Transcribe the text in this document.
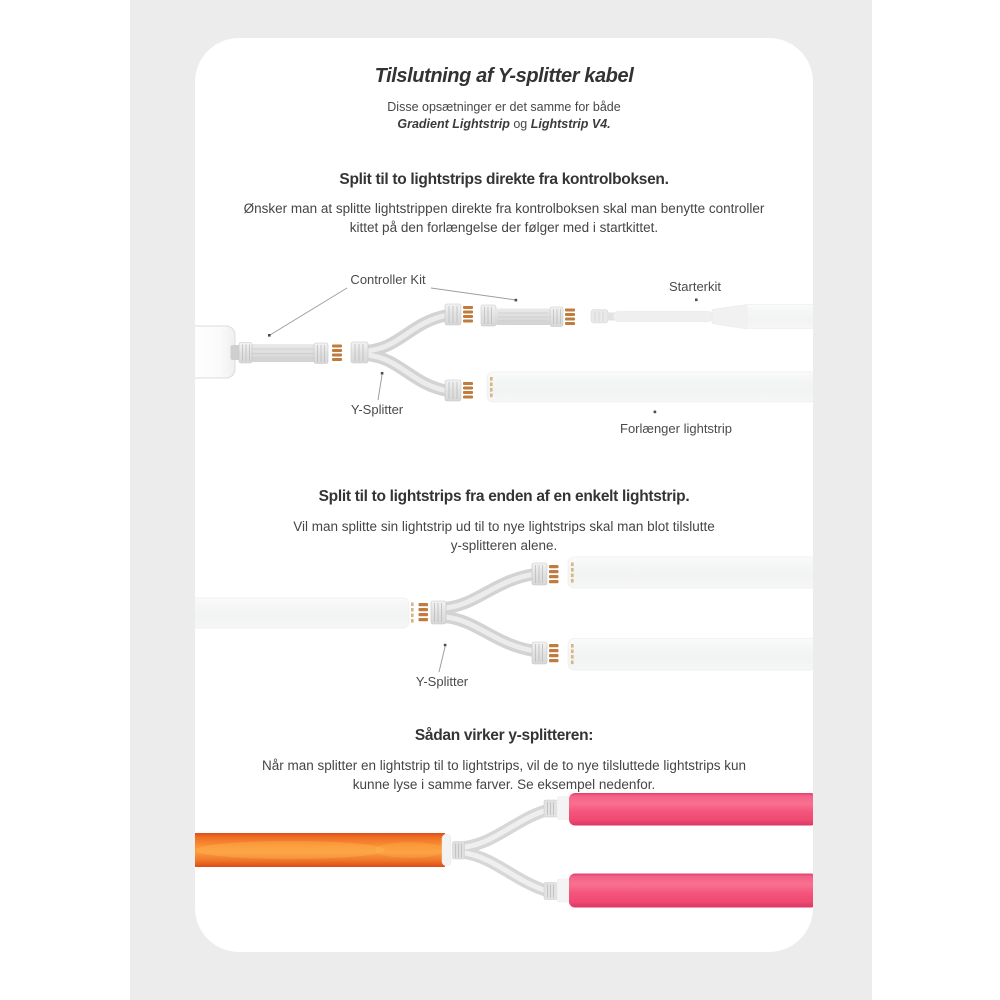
Tilslutning af Y-splitter kabel
Disse opsætninger er det samme for både
Gradient Lightstrip og Lightstrip V4.
Split til to lightstrips direkte fra kontrolboksen.
Ønsker man at splitte lightstrippen direkte fra kontrolboksen skal man benytte controller
kittet på den forlængelse der følger med i startkittet.
Split til to lightstrips fra enden af en enkelt lightstrip.
Vil man splitte sin lightstrip ud til to nye lightstrips skal man blot tilslutte
y-splitteren alene.
Sådan virker y-splitteren:
Når man splitter en lightstrip til to lightstrips, vil de to nye tilsluttede lightstrips kun
kunne lyse i samme farver. Se eksempel nedenfor.
Controller Kit	Starterkit
Y-Splitter
Forlænger lightstrip
Y-Splitter
